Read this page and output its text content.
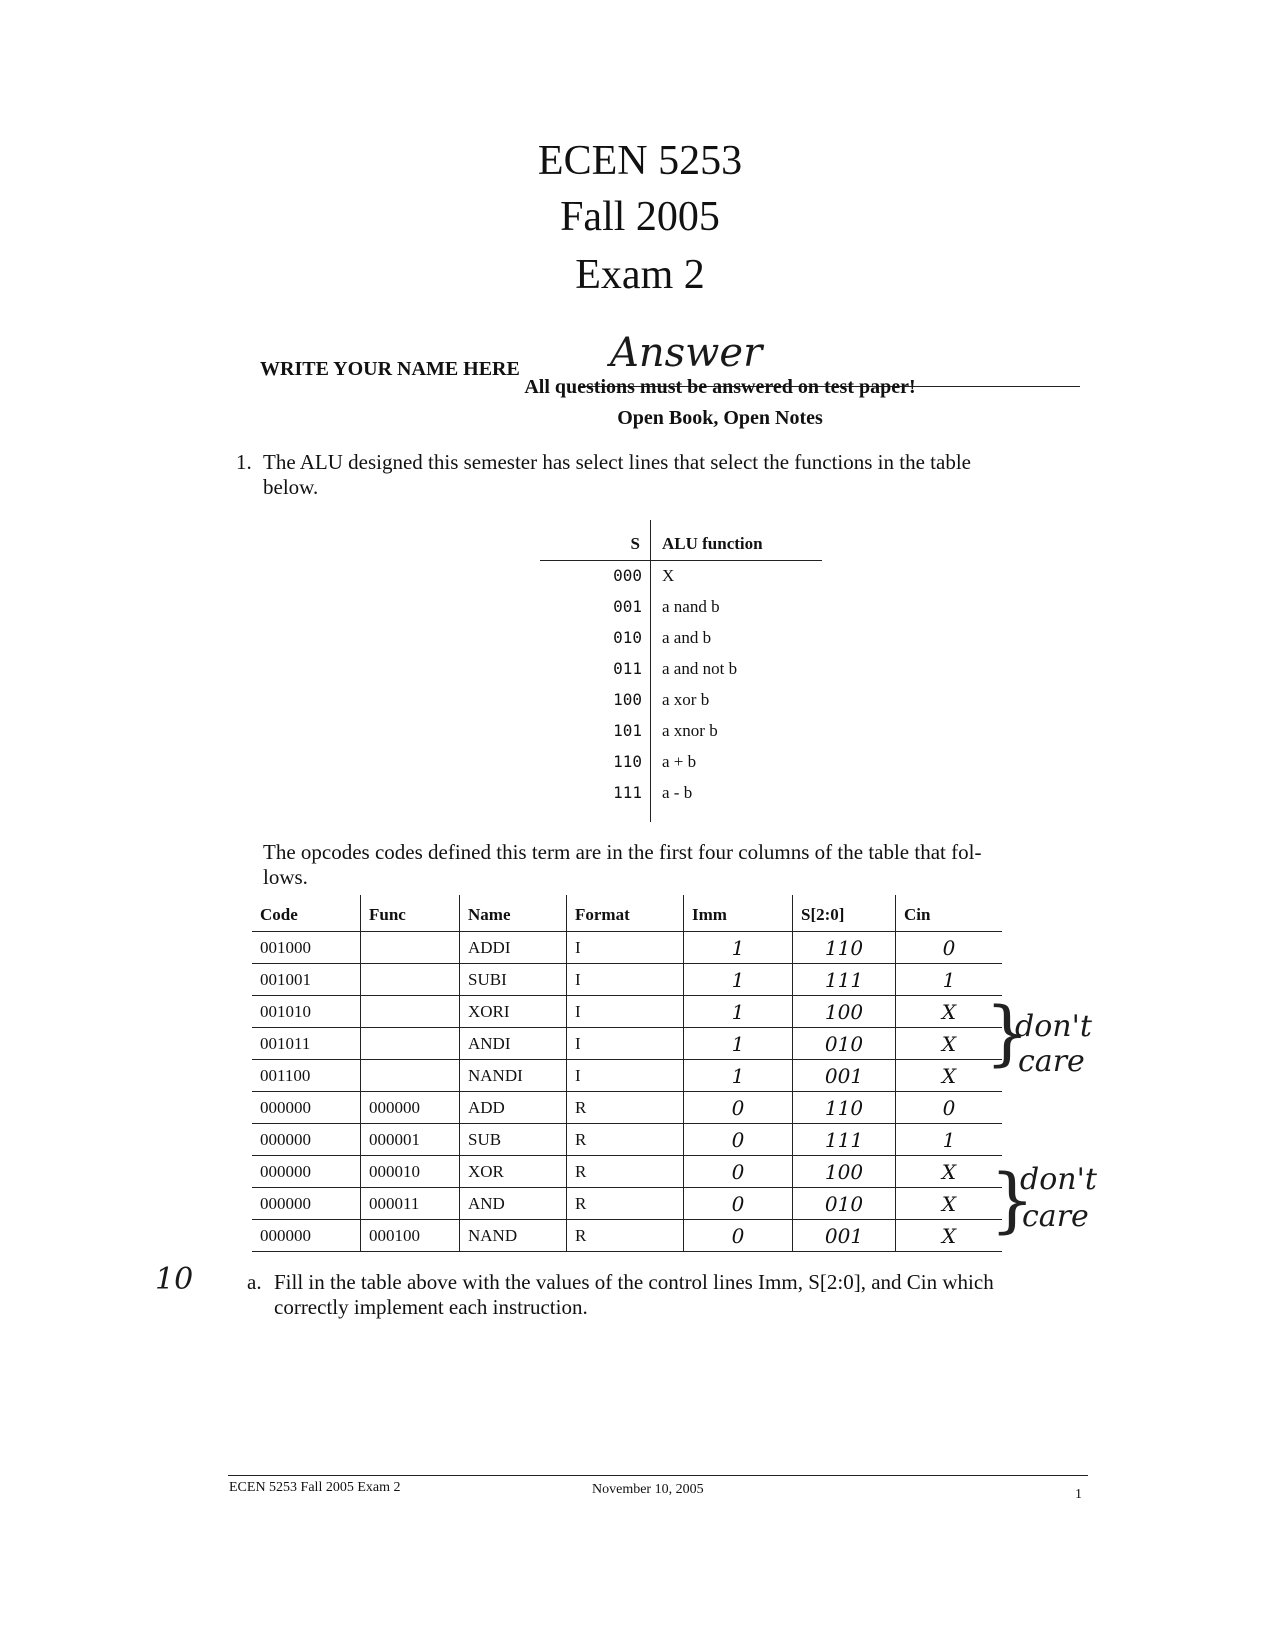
ECEN 5253
Fall 2005
Exam 2
WRITE YOUR NAME HERE Answer
All questions must be answered on test paper!
Open Book, Open Notes
1. The ALU designed this semester has select lines that select the functions in the table
below.
S ALU function
000 X
001 a nand b
010 a and b
011 a and not b
100 a xor b
101 a xnor b
110 a + b
111 a - b
The opcodes codes defined this term are in the first four columns of the table that fol-
lows.
Code	Func	Name	Format	Imm	S[2:0]	Cin
001000		ADDI	I	1	110	0
001001		SUBI	I	1	111	1
001010		XORI	I	1	100	X
001011		ANDI	I	1	010	X
001100		NANDI	I	1	001	X
000000	000000	ADD	R	0	110	0
000000	000001	SUB	R	0	111	1
000000	000010	XOR	R	0	100	X
000000	000011	AND	R	0	010	X
000000	000100	NAND	R	0	001	X
}
don't
care
}
don't
care
10	a. Fill in the table above with the values of the control lines Imm, S[2:0], and Cin which
correctly implement each instruction.
ECEN 5253 Fall 2005 Exam 2	November 10, 2005	1
